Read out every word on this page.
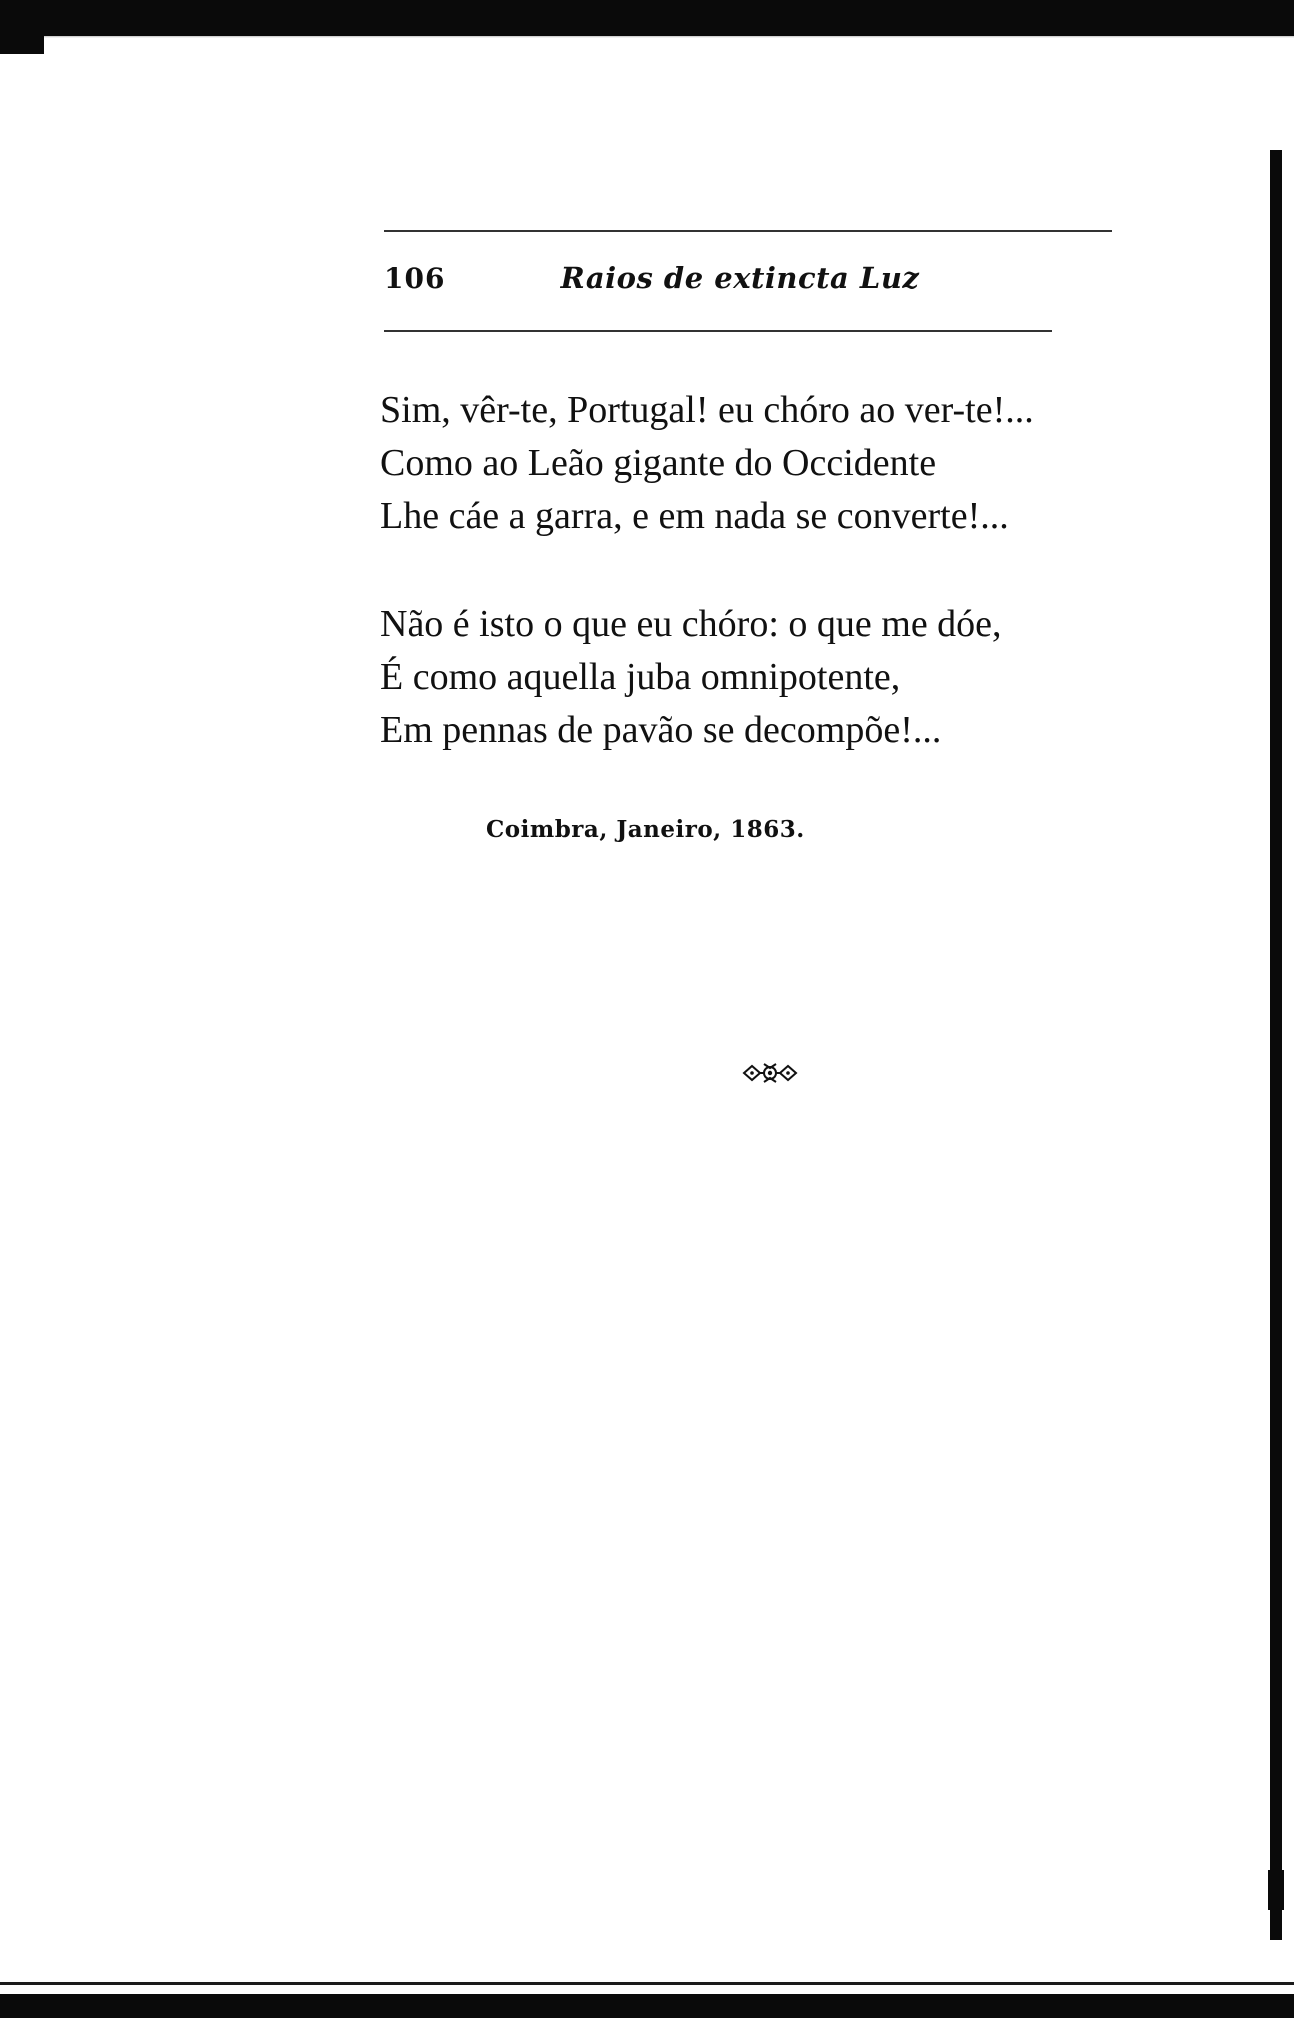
106	Raios de extincta Luz
Sim, vêr-te, Portugal! eu chóro ao ver-te!...
Como ao Leão gigante do Occidente
Lhe cáe a garra, e em nada se converte!...
Não é isto o que eu chóro: o que me dóe,
É como aquella juba omnipotente,
Em pennas de pavão se decompõe!...
Coimbra, Janeiro, 1863.
